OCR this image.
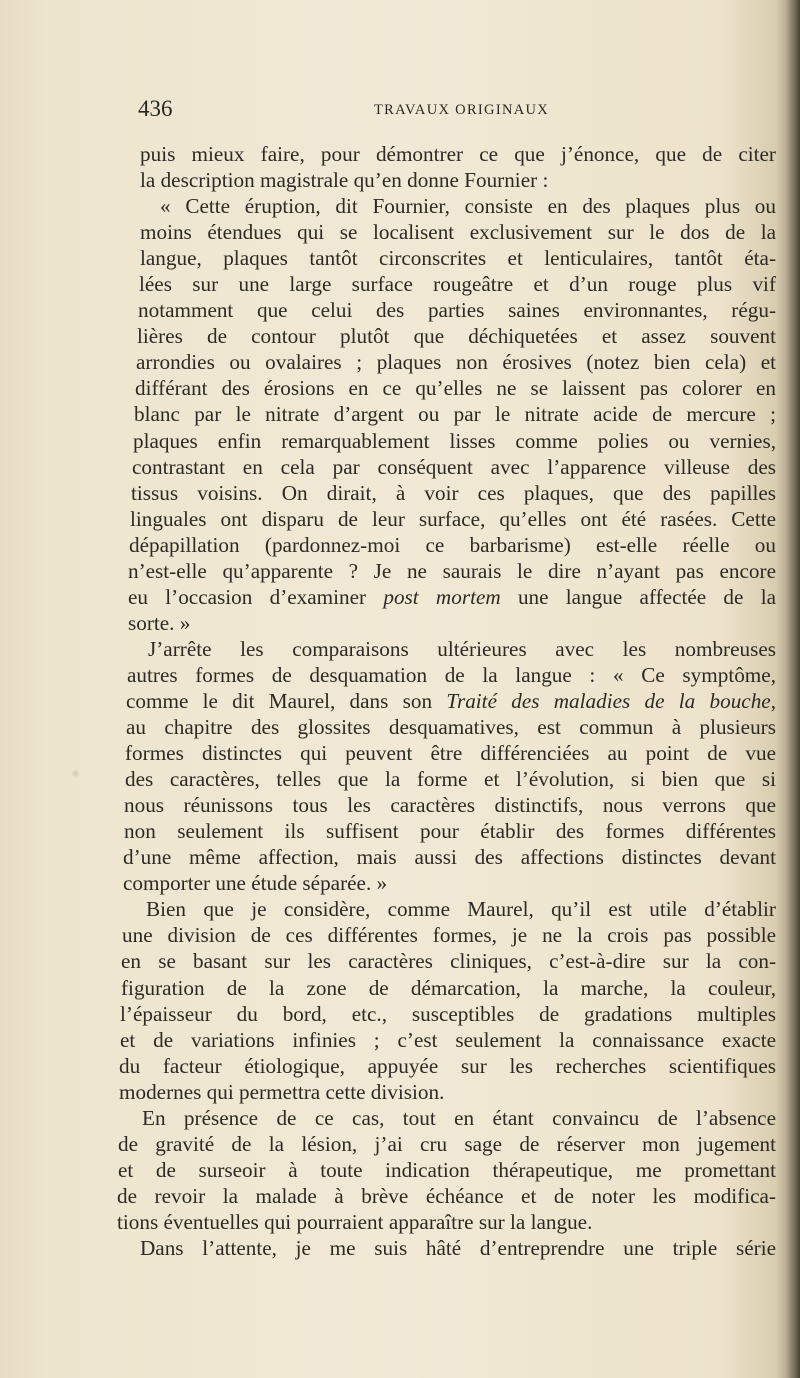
436	TRAVAUX ORIGINAUX
puis mieux faire, pour démontrer ce que j’énonce, que de citer
la description magistrale qu’en donne Fournier :
« Cette éruption, dit Fournier, consiste en des plaques plus ou
moins étendues qui se localisent exclusivement sur le dos de la
langue, plaques tantôt circonscrites et lenticulaires, tantôt éta-
lées sur une large surface rougeâtre et d’un rouge plus vif
notamment que celui des parties saines environnantes, régu-
lières de contour plutôt que déchiquetées et assez souvent
arrondies ou ovalaires ; plaques non érosives (notez bien cela) et
différant des érosions en ce qu’elles ne se laissent pas colorer en
blanc par le nitrate d’argent ou par le nitrate acide de mercure ;
plaques enfin remarquablement lisses comme polies ou vernies,
contrastant en cela par conséquent avec l’apparence villeuse des
tissus voisins. On dirait, à voir ces plaques, que des papilles
linguales ont disparu de leur surface, qu’elles ont été rasées. Cette
dépapillation (pardonnez-moi ce barbarisme) est-elle réelle ou
n’est-elle qu’apparente ? Je ne saurais le dire n’ayant pas encore
eu l’occasion d’examiner post mortem une langue affectée de la
sorte. »
J’arrête les comparaisons ultérieures avec les nombreuses
autres formes de desquamation de la langue : « Ce symptôme,
comme le dit Maurel, dans son Traité des maladies de la bouche,
au chapitre des glossites desquamatives, est commun à plusieurs
formes distinctes qui peuvent être différenciées au point de vue
des caractères, telles que la forme et l’évolution, si bien que si
nous réunissons tous les caractères distinctifs, nous verrons que
non seulement ils suffisent pour établir des formes différentes
d’une même affection, mais aussi des affections distinctes devant
comporter une étude séparée. »
Bien que je considère, comme Maurel, qu’il est utile d’établir
une division de ces différentes formes, je ne la crois pas possible
en se basant sur les caractères cliniques, c’est-à-dire sur la con-
figuration de la zone de démarcation, la marche, la couleur,
l’épaisseur du bord, etc., susceptibles de gradations multiples
et de variations infinies ; c’est seulement la connaissance exacte
du facteur étiologique, appuyée sur les recherches scientifiques
modernes qui permettra cette division.
En présence de ce cas, tout en étant convaincu de l’absence
de gravité de la lésion, j’ai cru sage de réserver mon jugement
et de surseoir à toute indication thérapeutique, me promettant
de revoir la malade à brève échéance et de noter les modifica-
tions éventuelles qui pourraient apparaître sur la langue.
Dans l’attente, je me suis hâté d’entreprendre une triple série
